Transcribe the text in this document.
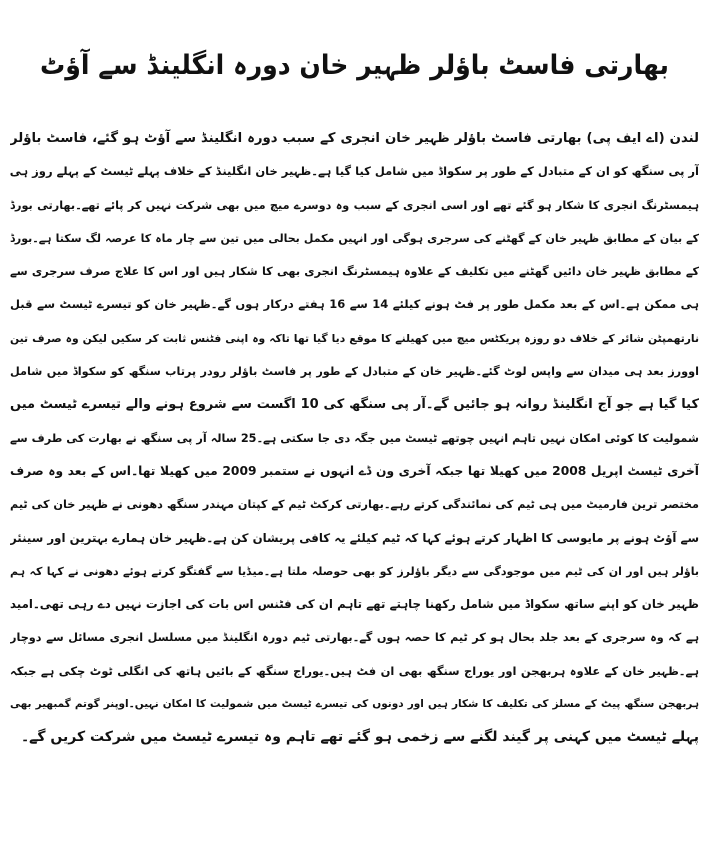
بھارتی فاسٹ باؤلر ظہیر خان دورہ انگلینڈ سے آؤٹ
لندن (اے ایف پی) بھارتی فاسٹ باؤلر ظہیر خان انجری کے سبب دورہ انگلینڈ سے آؤٹ ہو گئے، فاسٹ باؤلر
آر پی سنگھ کو ان کے متبادل کے طور پر سکواڈ میں شامل کیا گیا ہے۔ظہیر خان انگلینڈ کے خلاف پہلے ٹیسٹ کے پہلے روز ہی
ہیمسٹرنگ انجری کا شکار ہو گئے تھے اور اسی انجری کے سبب وہ دوسرے میچ میں بھی شرکت نہیں کر پائے تھے۔بھارتی بورڈ
کے بیان کے مطابق ظہیر خان کے گھٹنے کی سرجری ہوگی اور انہیں مکمل بحالی میں تین سے چار ماہ کا عرصہ لگ سکتا ہے۔بورڈ
کے مطابق ظہیر خان دائیں گھٹنے میں تکلیف کے علاوہ ہیمسٹرنگ انجری بھی کا شکار ہیں اور اس کا علاج صرف سرجری سے
ہی ممکن ہے۔اس کے بعد مکمل طور پر فٹ ہونے کیلئے 14 سے 16 ہفتے درکار ہوں گے۔ظہیر خان کو تیسرے ٹیسٹ سے قبل
نارتھمپٹن شائر کے خلاف دو روزہ پریکٹس میچ میں کھیلنے کا موقع دیا گیا تھا تاکہ وہ اپنی فٹنس ثابت کر سکیں لیکن وہ صرف تین
اوورز بعد ہی میدان سے واپس لوٹ گئے۔ظہیر خان کے متبادل کے طور پر فاسٹ باؤلر رودر پرتاب سنگھ کو سکواڈ میں شامل
کیا گیا ہے جو آج انگلینڈ روانہ ہو جائیں گے۔آر پی سنگھ کی 10 اگست سے شروع ہونے والے تیسرے ٹیسٹ میں
شمولیت کا کوئی امکان نہیں تاہم انہیں چوتھے ٹیسٹ میں جگہ دی جا سکتی ہے۔25 سالہ آر پی سنگھ نے بھارت کی طرف سے
آخری ٹیسٹ اپریل 2008 میں کھیلا تھا جبکہ آخری ون ڈے انہوں نے ستمبر 2009 میں کھیلا تھا۔اس کے بعد وہ صرف
مختصر ترین فارمیٹ میں ہی ٹیم کی نمائندگی کرتے رہے۔بھارتی کرکٹ ٹیم کے کپتان مہندر سنگھ دھونی نے ظہیر خان کی ٹیم
سے آؤٹ ہونے پر مایوسی کا اظہار کرتے ہوئے کہا کہ ٹیم کیلئے یہ کافی پریشان کن ہے۔ظہیر خان ہمارے بہترین اور سینئر
باؤلر ہیں اور ان کی ٹیم میں موجودگی سے دیگر باؤلرز کو بھی حوصلہ ملتا ہے۔میڈیا سے گفتگو کرتے ہوئے دھونی نے کہا کہ ہم
ظہیر خان کو اپنے ساتھ سکواڈ میں شامل رکھنا چاہتے تھے تاہم ان کی فٹنس اس بات کی اجازت نہیں دے رہی تھی۔امید
ہے کہ وہ سرجری کے بعد جلد بحال ہو کر ٹیم کا حصہ ہوں گے۔بھارتی ٹیم دورہ انگلینڈ میں مسلسل انجری مسائل سے دوچار
ہے۔ظہیر خان کے علاوہ ہربھجن اور یوراج سنگھ بھی ان فٹ ہیں۔یوراج سنگھ کے بائیں ہاتھ کی انگلی ٹوٹ چکی ہے جبکہ
ہربھجن سنگھ پیٹ کے مسلز کی تکلیف کا شکار ہیں اور دونوں کی تیسرے ٹیسٹ میں شمولیت کا امکان نہیں۔اوپنر گوتم گمبھیر بھی
پہلے ٹیسٹ میں کہنی پر گیند لگنے سے زخمی ہو گئے تھے تاہم وہ تیسرے ٹیسٹ میں شرکت کریں گے۔
